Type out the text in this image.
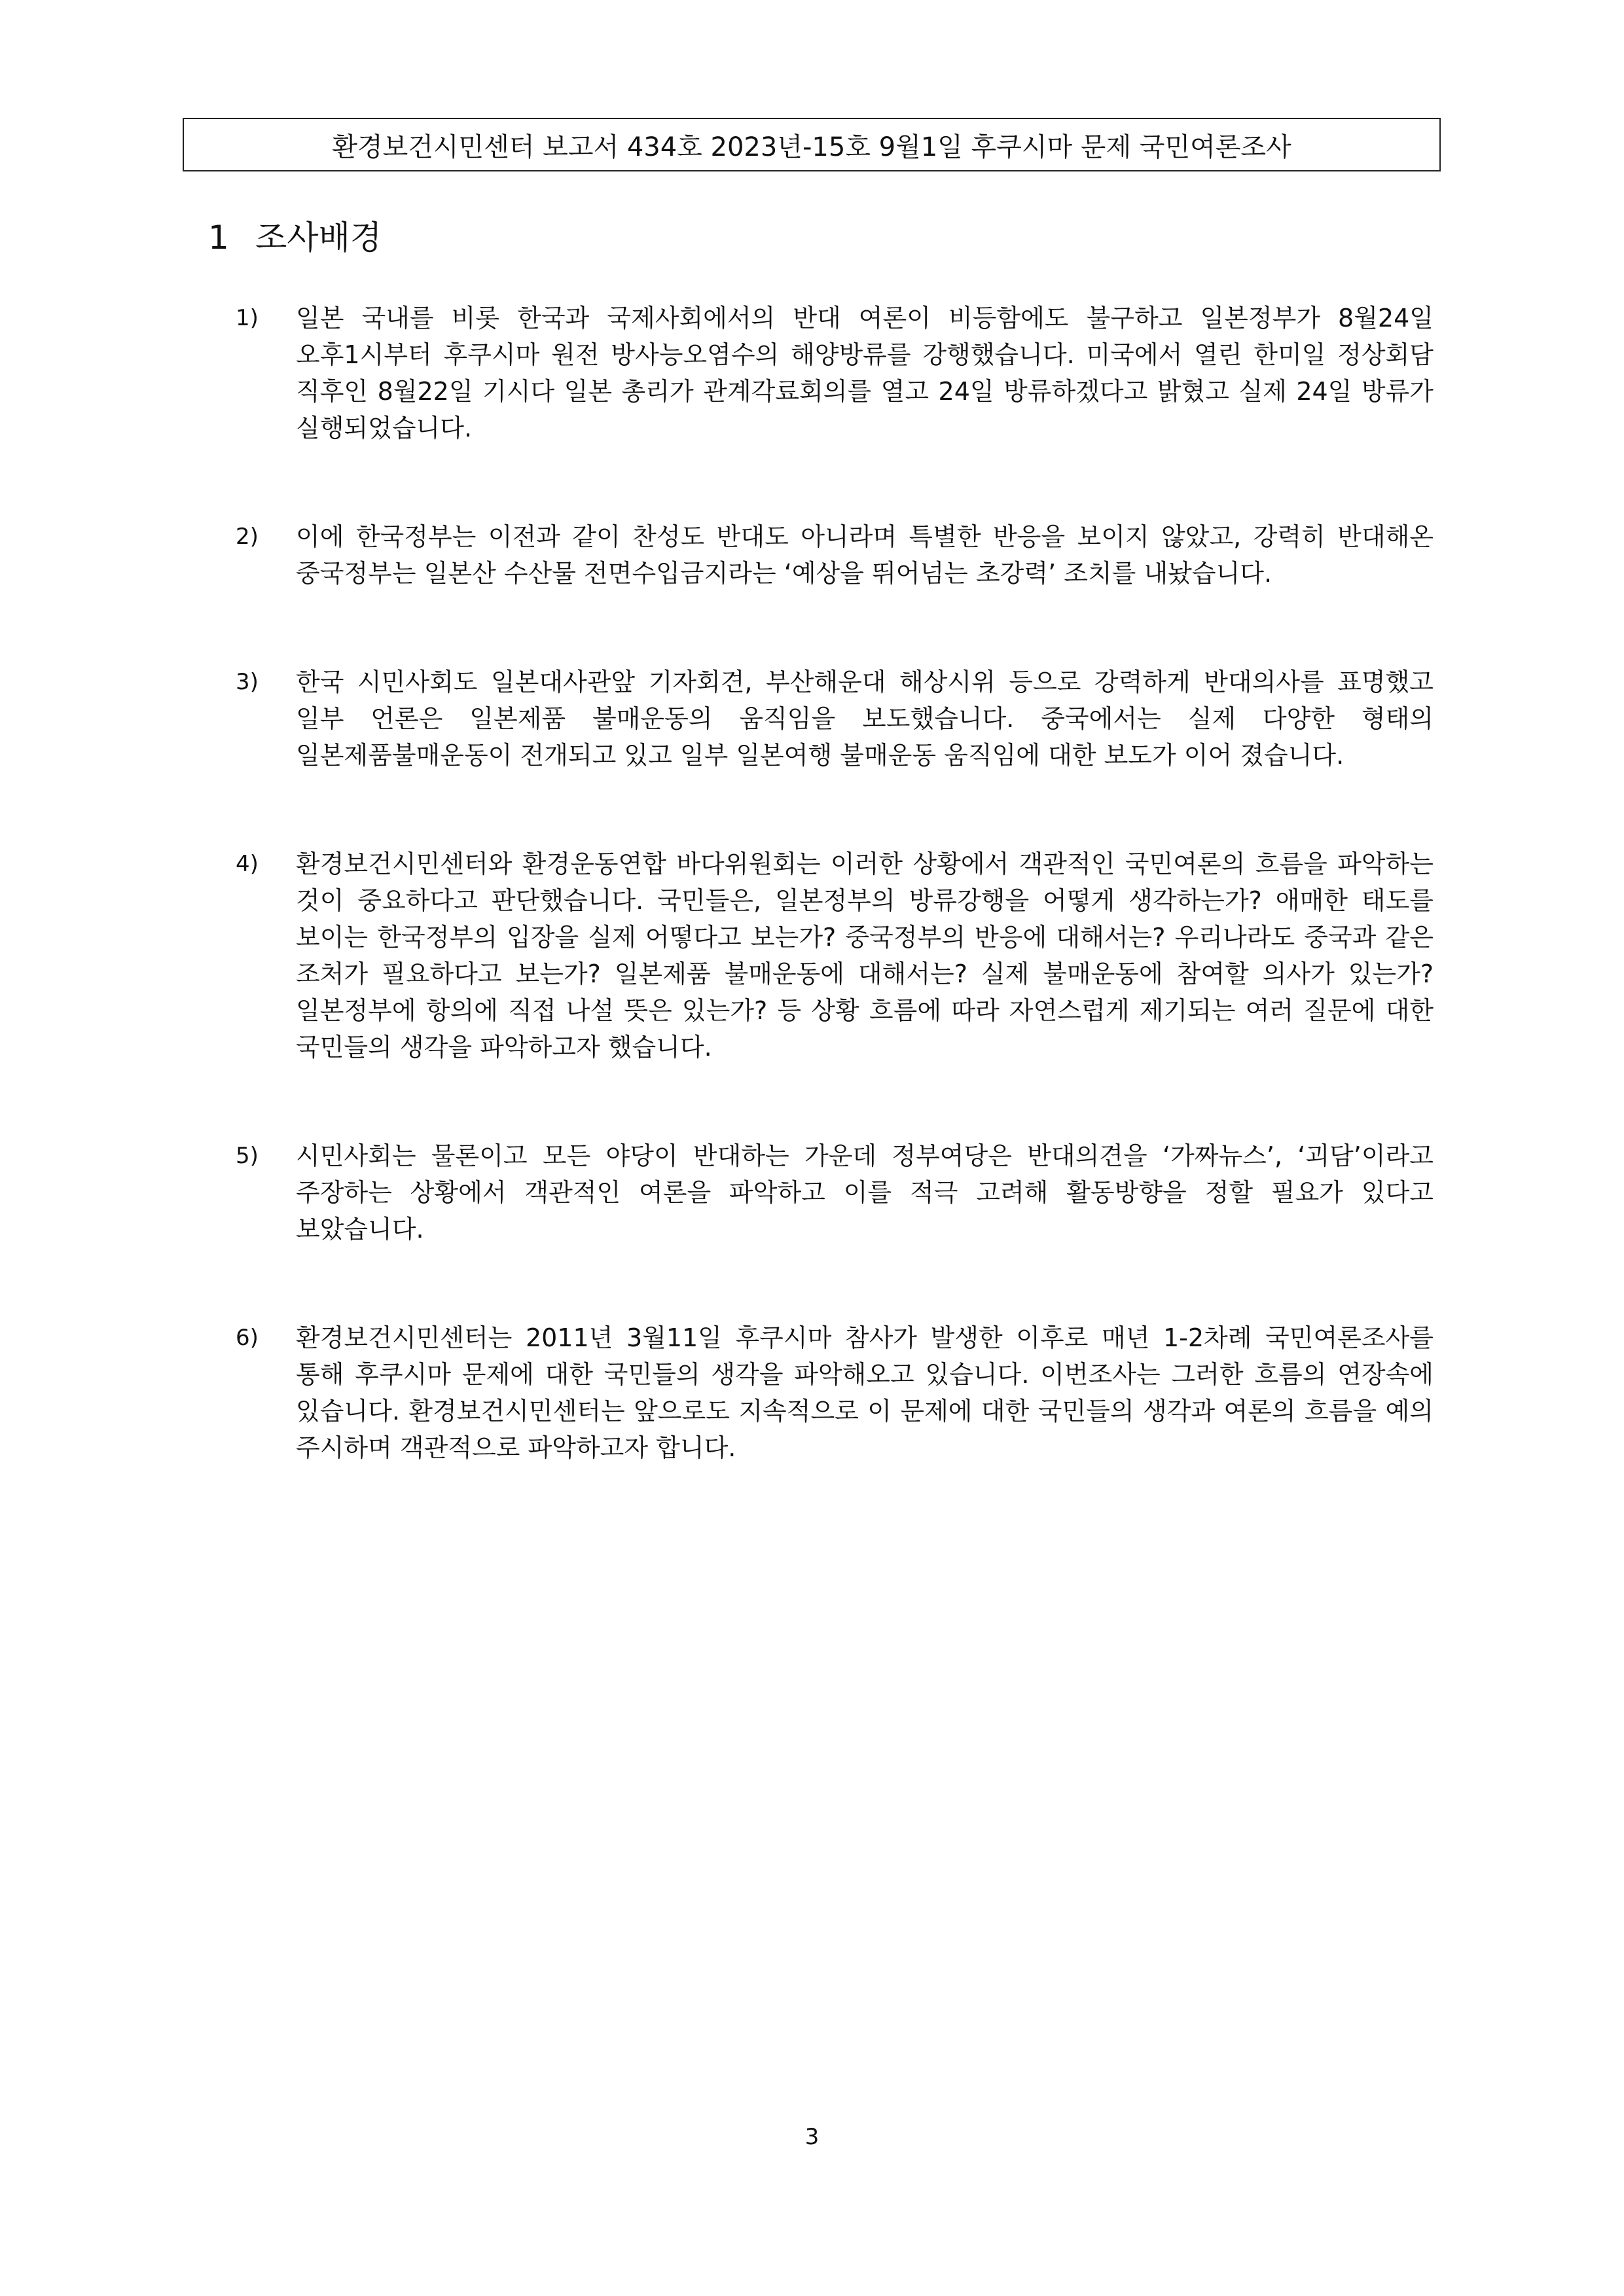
환경보건시민센터 보고서 434호 2023년-15호 9월1일 후쿠시마 문제 국민여론조사
1 조사배경
1)	일본 국내를 비롯 한국과 국제사회에서의 반대 여론이 비등함에도 불구하고 일본정부가 8월24일 오후1시부터 후쿠시마 원전 방사능오염수의 해양방류를 강행했습니다. 미국에서 열린 한미일 정상회담 직후인 8월22일 기시다 일본 총리가 관계각료회의를 열고 24일 방류하겠다고 밝혔고 실제 24일 방류가 실행되었습니다.
2)	이에 한국정부는 이전과 같이 찬성도 반대도 아니라며 특별한 반응을 보이지 않았고, 강력히 반대해온 중국정부는 일본산 수산물 전면수입금지라는 ‘예상을 뛰어넘는 초강력’ 조치를 내놨습니다.
3)	한국 시민사회도 일본대사관앞 기자회견, 부산해운대 해상시위 등으로 강력하게 반대의사를 표명했고 일부 언론은 일본제품 불매운동의 움직임을 보도했습니다. 중국에서는 실제 다양한 형태의 일본제품불매운동이 전개되고 있고 일부 일본여행 불매운동 움직임에 대한 보도가 이어 졌습니다.
4)	환경보건시민센터와 환경운동연합 바다위원회는 이러한 상황에서 객관적인 국민여론의 흐름을 파악하는 것이 중요하다고 판단했습니다. 국민들은, 일본정부의 방류강행을 어떻게 생각하는가? 애매한 태도를 보이는 한국정부의 입장을 실제 어떻다고 보는가? 중국정부의 반응에 대해서는? 우리나라도 중국과 같은 조처가 필요하다고 보는가? 일본제품 불매운동에 대해서는? 실제 불매운동에 참여할 의사가 있는가? 일본정부에 항의에 직접 나설 뜻은 있는가? 등 상황 흐름에 따라 자연스럽게 제기되는 여러 질문에 대한 국민들의 생각을 파악하고자 했습니다.
5)	시민사회는 물론이고 모든 야당이 반대하는 가운데 정부여당은 반대의견을 ‘가짜뉴스’, ‘괴담’이라고 주장하는 상황에서 객관적인 여론을 파악하고 이를 적극 고려해 활동방향을 정할 필요가 있다고 보았습니다.
6)	환경보건시민센터는 2011년 3월11일 후쿠시마 참사가 발생한 이후로 매년 1-2차례 국민여론조사를 통해 후쿠시마 문제에 대한 국민들의 생각을 파악해오고 있습니다. 이번조사는 그러한 흐름의 연장속에 있습니다. 환경보건시민센터는 앞으로도 지속적으로 이 문제에 대한 국민들의 생각과 여론의 흐름을 예의 주시하며 객관적으로 파악하고자 합니다.
3
